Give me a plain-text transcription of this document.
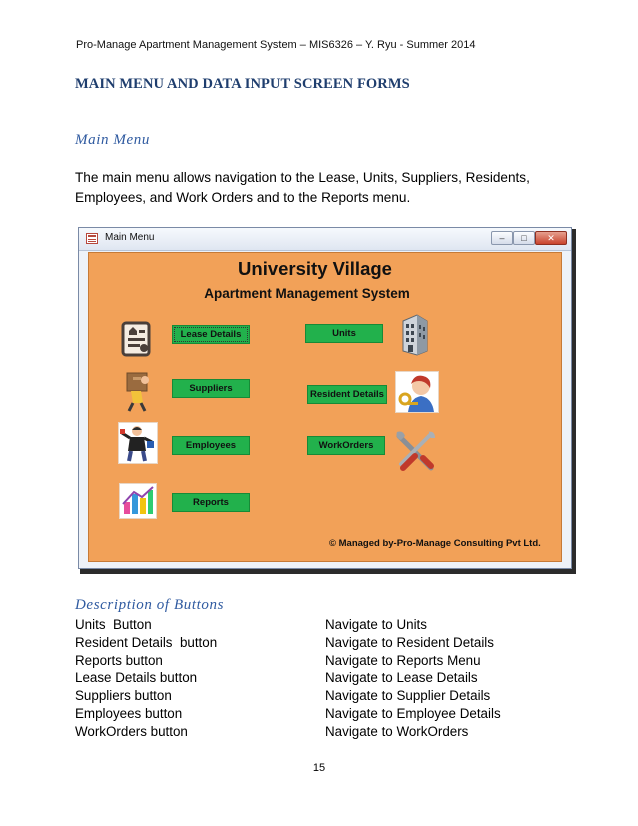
Pro-Manage Apartment Management System – MIS6326 – Y. Ryu - Summer 2014
MAIN MENU AND DATA INPUT SCREEN FORMS
Main Menu
The main menu allows navigation to the Lease, Units, Suppliers, Residents, Employees, and Work Orders and to the Reports menu.
Main Menu	–	□	✕
University Village
Apartment Management System
Lease Details	Units
Suppliers
Resident Details
Employees	WorkOrders
Reports
© Managed by-Pro-Manage Consulting Pvt Ltd.
Description of Buttons
Units  Button	Navigate to Units
Resident Details  button	Navigate to Resident Details
Reports button	Navigate to Reports Menu
Lease Details button	Navigate to Lease Details
Suppliers button	Navigate to Supplier Details
Employees button	Navigate to Employee Details
WorkOrders button	Navigate to WorkOrders
15
